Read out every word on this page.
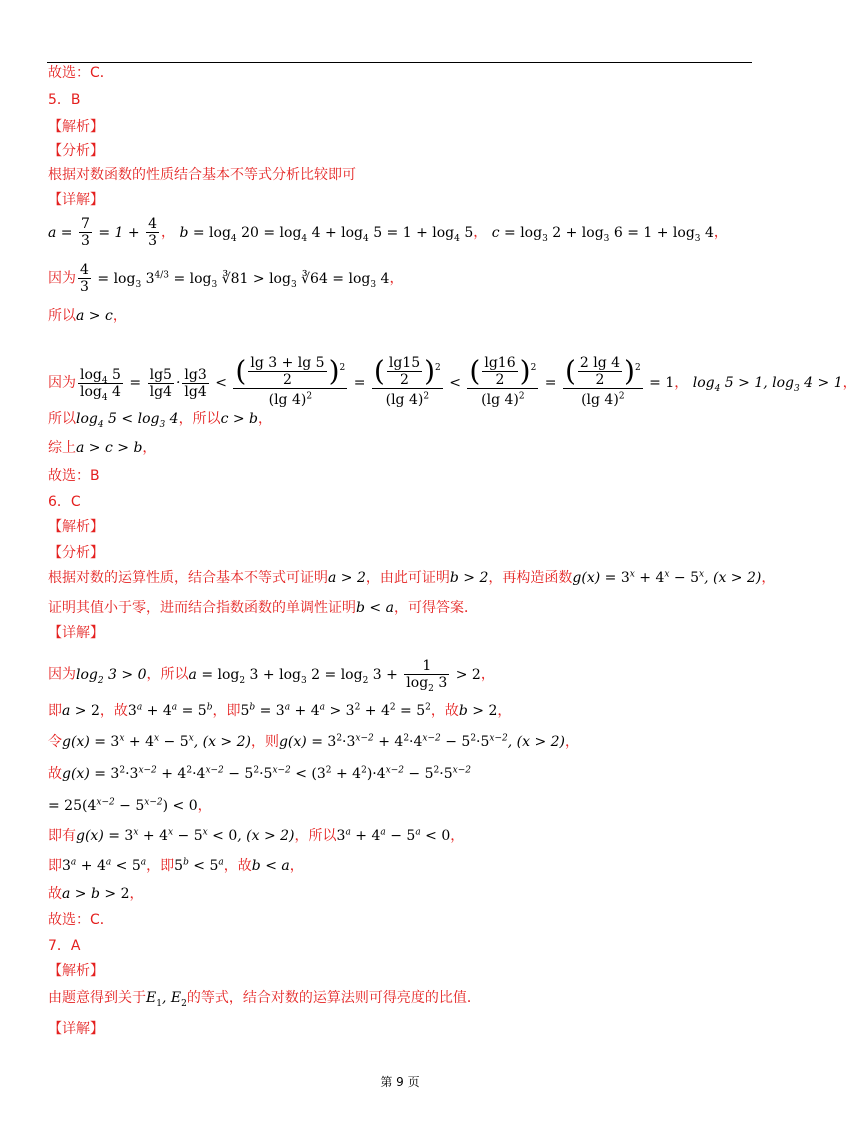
故选：C．
5．B
【解析】
【分析】
根据对数函数的性质结合基本不等式分析比较即可
【详解】
$a = \frac{7}{3} = 1 + \frac{4}{3}$ ， $b = \log_4 20 = \log_4 4 + \log_4 5 = 1 + \log_4 5$， $c = \log_3 2 + \log_3 6 = 1 + \log_3 4$，
因为 $\frac{4}{3} = \log_3 3^{4/3} = \log_3$ ∛81 > $\log_3$ ∛64 = $\log_3 4$，
所以a > c，
因为 $\frac{\log_4 5}{\log_4 4} = \frac{\lg 5}{\lg 4} \cdot \frac{\lg 3}{\lg 4} < \frac{( \frac{\lg 3 + \lg 5}{2} )^2}{(\lg 4)^2} = \frac{( \frac{\lg 15}{2} )^2}{(\lg 4)^2} < \frac{( \frac{\lg 16}{2} )^2}{(\lg 4)^2} = \frac{( \frac{2 \lg 4}{2} )^2}{(\lg 4)^2} = 1$， $\log_4 5 > 1$, $\log_3 4 > 1$，
所以$\log_4 5 < \log_3 4$，所以c > b，
综上a > c > b，
故选：B
6．C
【解析】
【分析】
根据对数的运算性质，结合基本不等式可证明a > 2，由此可证明b > 2，再构造函数$g(x) = 3^x + 4^x - 5^x$, (x > 2)，
证明其值小于零，进而结合指数函数的单调性证明b < a，可得答案．
【详解】
因为$\log_2 3 > 0$，所以$a = \log_2 3 + \log_3 2 = \log_2 3 + \frac{1}{\log_2 3} > 2$，
即a > 2，故$3^a + 4^a = 5^b$，即$5^b = 3^a + 4^a > 3^2 + 4^2 = 5^2$，故b > 2，
令$g(x) = 3^x + 4^x - 5^x$, (x > 2)，则$g(x) = 3^2\cdot 3^{x-2} + 4^2\cdot 4^{x-2} - 5^2\cdot 5^{x-2}$, (x > 2)，
故$g(x) = 3^2\cdot 3^{x-2} + 4^2\cdot 4^{x-2} - 5^2\cdot 5^{x-2} < (3^2 + 4^2)\cdot 4^{x-2} - 5^2\cdot 5^{x-2}$
= $25(4^{x-2} - 5^{x-2}) < 0$，
即有$g(x) = 3^x + 4^x - 5^x < 0$, (x > 2)，所以$3^a + 4^a - 5^a < 0$，
即$3^a + 4^a < 5^a$，即$5^b < 5^a$，故b < a，
故a > b > 2，
故选：C．
7．A
【解析】
由题意得到关于$E_1$, $E_2$的等式，结合对数的运算法则可得亮度的比值．
【详解】
第 9 页
